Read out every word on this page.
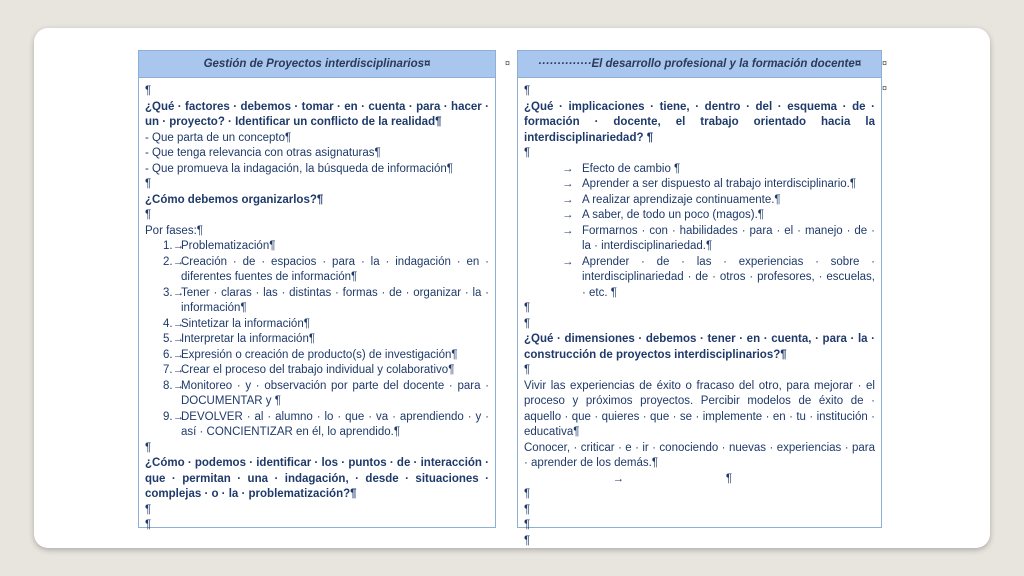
Gestión de Proyectos interdisciplinarios¤

¶

¿Qué · factores · debemos · tomar · en · cuenta · para · hacer · un · proyecto? · Identificar un conflicto de la realidad¶

- Que parta de un concepto¶

- Que tenga relevancia con otras asignaturas¶

- Que promueva la indagación, la búsqueda de información¶

¶

¿Cómo debemos organizarlos?¶

¶

Por fases:¶

1.→ Problematización¶
2.→ Creación · de · espacios · para · la · indagación · en · diferentes fuentes de información¶
3.→ Tener · claras · las · distintas · formas · de · organizar · la · información¶
4.→ Sintetizar la información¶
5.→ Interpretar la información¶
6.→ Expresión o creación de producto(s) de investigación¶
7.→ Crear el proceso del trabajo individual y colaborativo¶
8.→ Monitoreo · y · observación por parte del docente · para · DOCUMENTAR y ¶
9.→ DEVOLVER · al · alumno · lo · que · va · aprendiendo · y · así · CONCIENTIZAR en él, lo aprendido.¶

¶

¿Cómo · podemos · identificar · los · puntos · de · interacción · que · permitan · una · indagación, · desde · situaciones · complejas · o · la · problematización?¶

¶

¶

¤	¤
¤
··············El desarrollo profesional y la formación docente¤

¶

¿Qué · implicaciones · tiene, · dentro · del · esquema · de · formación · docente, el trabajo orientado hacia la interdisciplinariedad? ¶

¶

→ Efecto de cambio ¶
→ Aprender a ser dispuesto al trabajo interdisciplinario.¶
→ A realizar aprendizaje continuamente.¶
→ A saber, de todo un poco (magos).¶
→ Formarnos · con · habilidades · para · el · manejo · de · la · interdisciplinariedad.¶
→ Aprender · de · las · experiencias · sobre · interdisciplinariedad · de · otros · profesores, · escuelas, · etc. ¶

¶

¶

¿Qué · dimensiones · debemos · tener · en · cuenta, · para · la · construcción de proyectos interdisciplinarios?¶

¶

Vivir las experiencias de éxito o fracaso del otro, para mejorar · el proceso y próximos proyectos. Percibir modelos de éxito de · aquello · que · quieres · que · se · implemente · en · tu · institución · educativa¶

Conocer, · criticar · e · ir · conociendo · nuevas · experiencias · para · aprender de los demás.¶

→	¶

¶

¶

¶

¶
